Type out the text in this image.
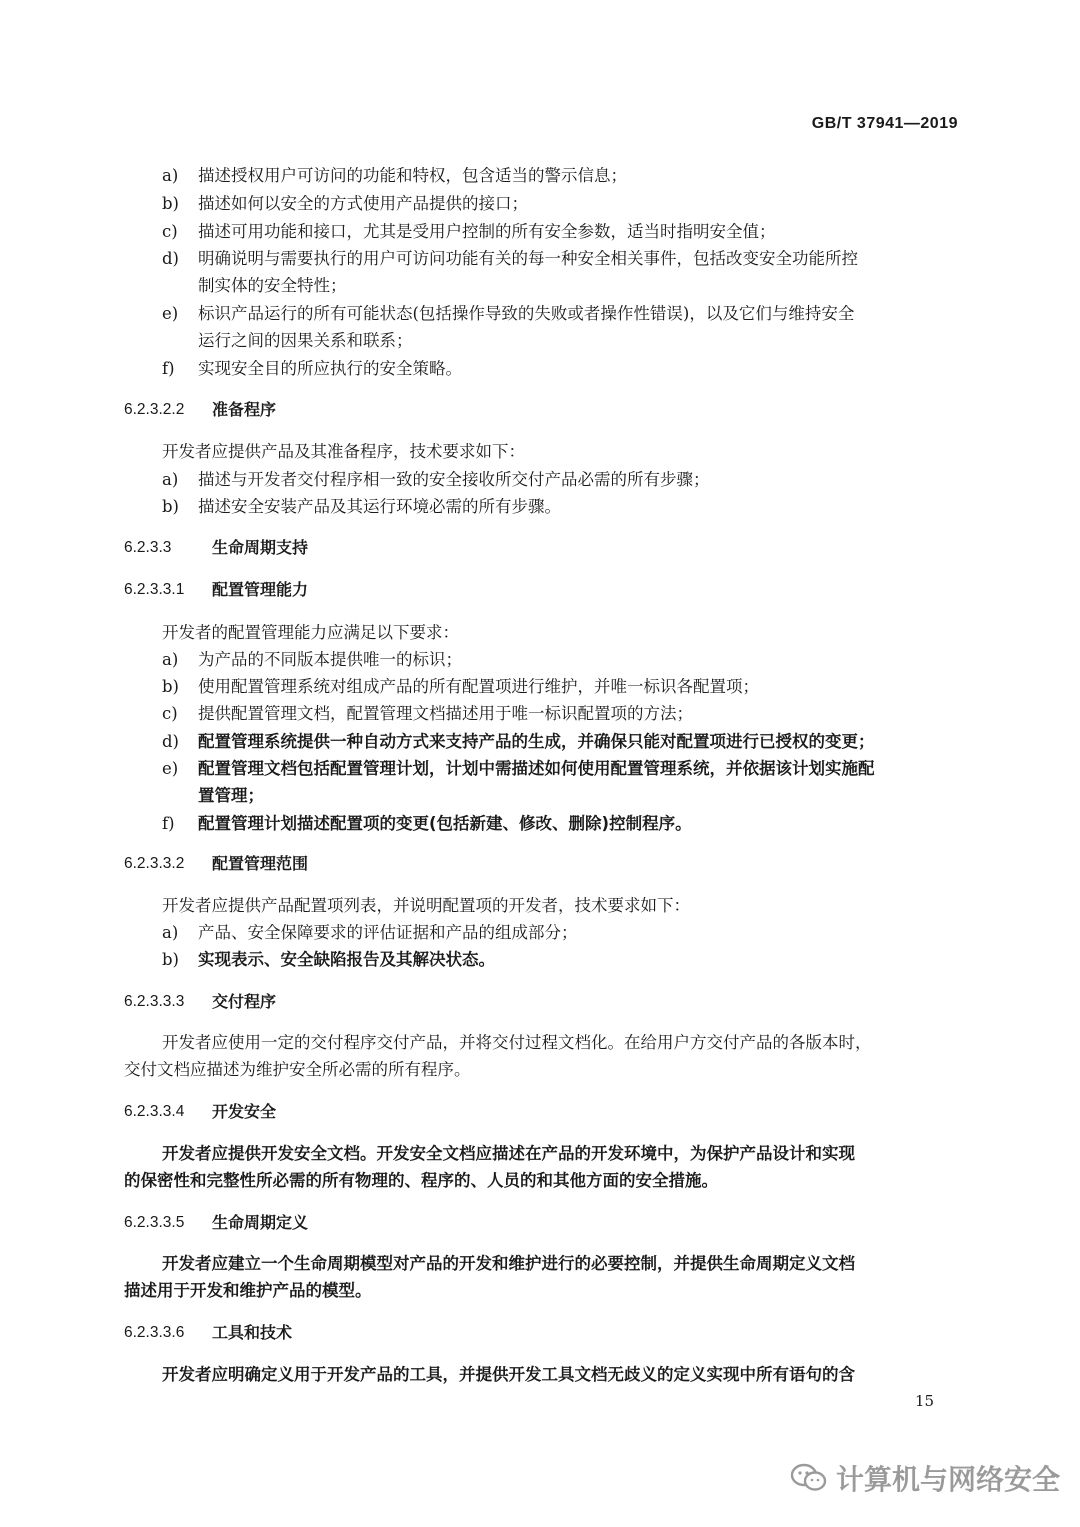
GB/T 37941—2019
a) 描述授权用户可访问的功能和特权，包含适当的警示信息；
b) 描述如何以安全的方式使用产品提供的接口；
c) 描述可用功能和接口，尤其是受用户控制的所有安全参数，适当时指明安全值；
d) 明确说明与需要执行的用户可访问功能有关的每一种安全相关事件，包括改变安全功能所控
制实体的安全特性；
e) 标识产品运行的所有可能状态(包括操作导致的失败或者操作性错误)，以及它们与维持安全
运行之间的因果关系和联系；
f) 实现安全目的所应执行的安全策略。
6.2.3.2.2 准备程序
开发者应提供产品及其准备程序，技术要求如下：
a) 描述与开发者交付程序相一致的安全接收所交付产品必需的所有步骤；
b) 描述安全安装产品及其运行环境必需的所有步骤。
6.2.3.3	生命周期支持
6.2.3.3.1 配置管理能力
开发者的配置管理能力应满足以下要求：
a) 为产品的不同版本提供唯一的标识；
b) 使用配置管理系统对组成产品的所有配置项进行维护，并唯一标识各配置项；
c) 提供配置管理文档，配置管理文档描述用于唯一标识配置项的方法；
d) 配置管理系统提供一种自动方式来支持产品的生成，并确保只能对配置项进行已授权的变更；
e) 配置管理文档包括配置管理计划，计划中需描述如何使用配置管理系统，并依据该计划实施配
置管理；
f) 配置管理计划描述配置项的变更(包括新建、修改、删除)控制程序。
6.2.3.3.2 配置管理范围
开发者应提供产品配置项列表，并说明配置项的开发者，技术要求如下：
a) 产品、安全保障要求的评估证据和产品的组成部分；
b) 实现表示、安全缺陷报告及其解决状态。
6.2.3.3.3 交付程序
开发者应使用一定的交付程序交付产品，并将交付过程文档化。在给用户方交付产品的各版本时，
交付文档应描述为维护安全所必需的所有程序。
6.2.3.3.4 开发安全
开发者应提供开发安全文档。开发安全文档应描述在产品的开发环境中，为保护产品设计和实现
的保密性和完整性所必需的所有物理的、程序的、人员的和其他方面的安全措施。
6.2.3.3.5 生命周期定义
开发者应建立一个生命周期模型对产品的开发和维护进行的必要控制，并提供生命周期定义文档
描述用于开发和维护产品的模型。
6.2.3.3.6 工具和技术
开发者应明确定义用于开发产品的工具，并提供开发工具文档无歧义的定义实现中所有语句的含
15
计算机与网络安全
